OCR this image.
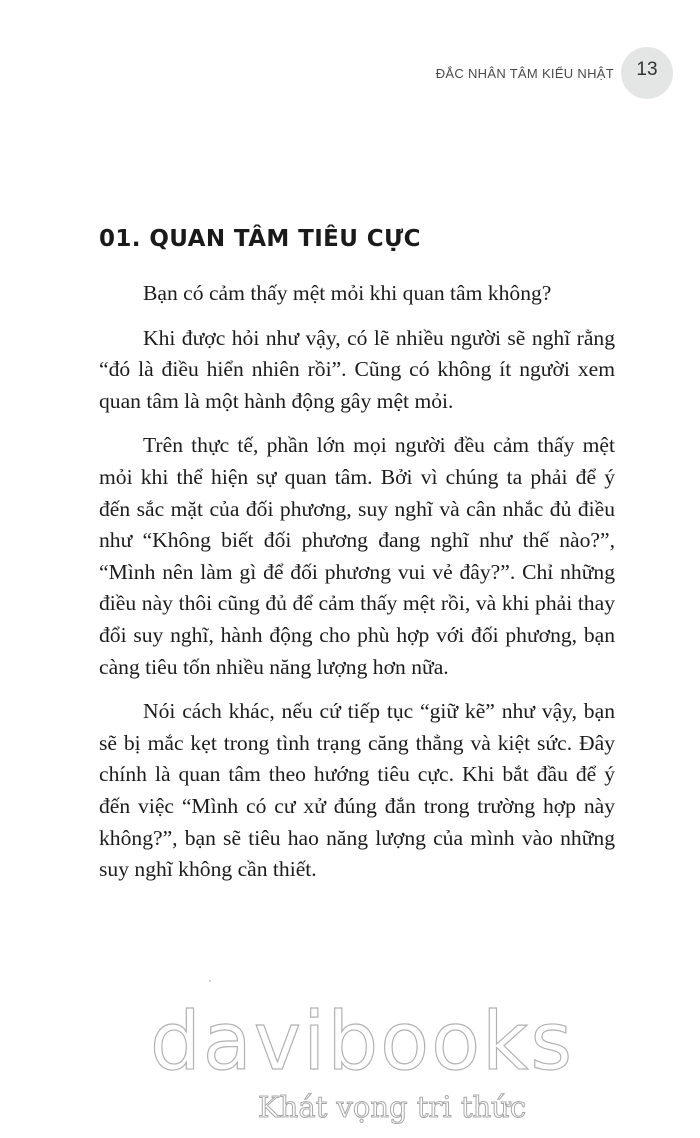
ĐẮC NHÂN TÂM KIỂU NHẬT	13
01. QUAN TÂM TIÊU CỰC

Bạn có cảm thấy mệt mỏi khi quan tâm không?

Khi được hỏi như vậy, có lẽ nhiều người sẽ nghĩ rằng “đó là điều hiển nhiên rồi”. Cũng có không ít người xem quan tâm là một hành động gây mệt mỏi.

Trên thực tế, phần lớn mọi người đều cảm thấy mệt mỏi khi thể hiện sự quan tâm. Bởi vì chúng ta phải để ý đến sắc mặt của đối phương, suy nghĩ và cân nhắc đủ điều như “Không biết đối phương đang nghĩ như thế nào?”, “Mình nên làm gì để đối phương vui vẻ đây?”. Chỉ những điều này thôi cũng đủ để cảm thấy mệt rồi, và khi phải thay đổi suy nghĩ, hành động cho phù hợp với đối phương, bạn càng tiêu tốn nhiều năng lượng hơn nữa.

Nói cách khác, nếu cứ tiếp tục “giữ kẽ” như vậy, bạn sẽ bị mắc kẹt trong tình trạng căng thẳng và kiệt sức. Đây chính là quan tâm theo hướng tiêu cực. Khi bắt đầu để ý đến việc “Mình có cư xử đúng đắn trong trường hợp này không?”, bạn sẽ tiêu hao năng lượng của mình vào những suy nghĩ không cần thiết.

davibooks
Khát vọng tri thức
